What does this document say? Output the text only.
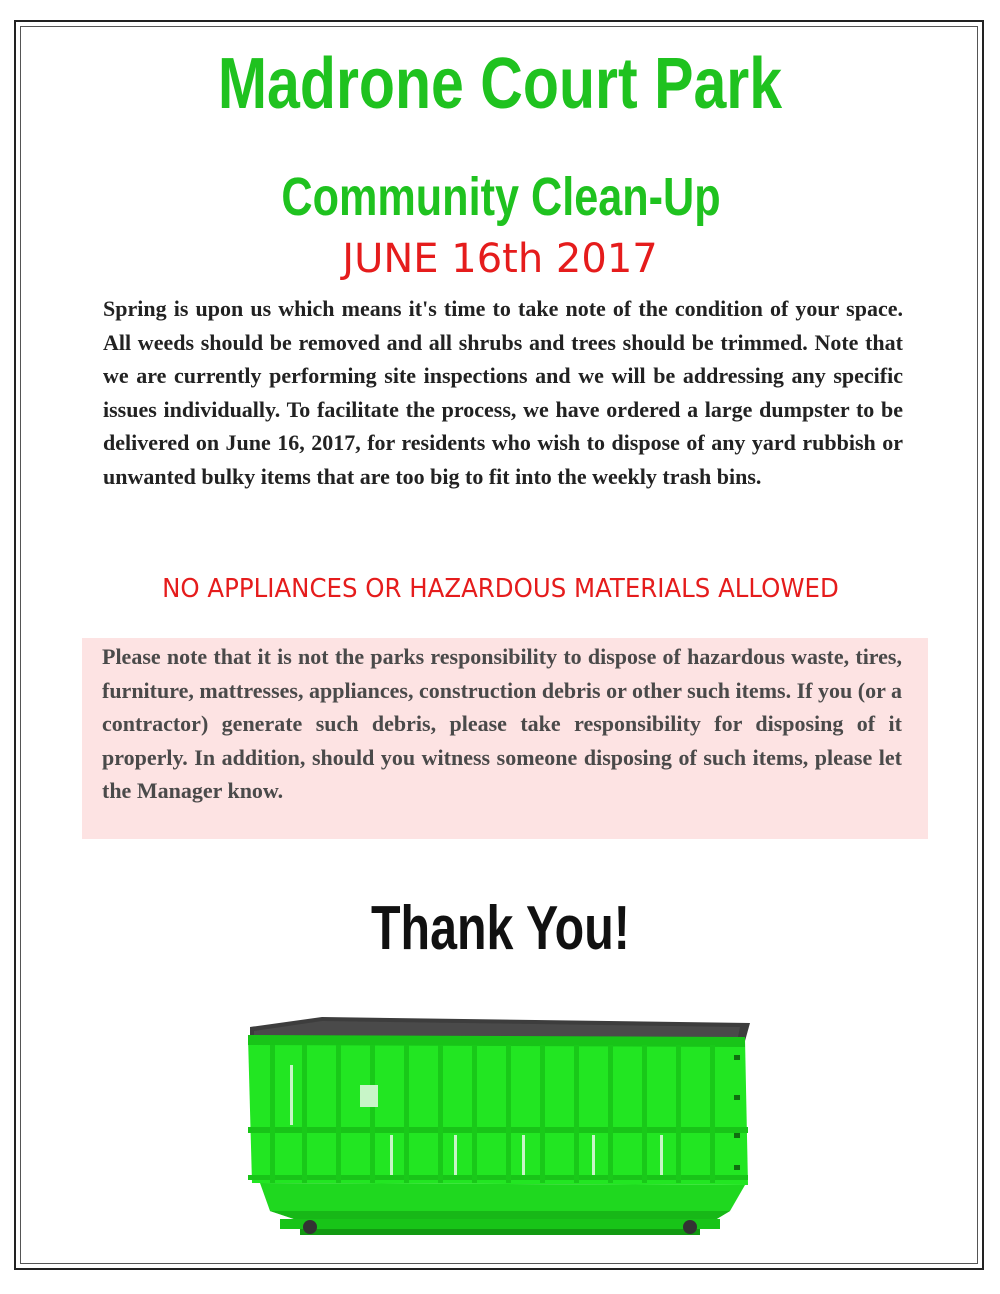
Madrone Court Park
Community Clean-Up
JUNE 16th 2017

Spring is upon us which means it's time to take note of the condition of your space. All weeds should be removed and all shrubs and trees should be trimmed. Note that we are currently performing site inspections and we will be addressing any specific issues individually. To facilitate the process, we have ordered a large dumpster to be delivered on June 16, 2017, for residents who wish to dispose of any yard rubbish or unwanted bulky items that are too big to fit into the weekly trash bins.

NO APPLIANCES OR HAZARDOUS MATERIALS ALLOWED

Please note that it is not the parks responsibility to dispose of hazardous waste, tires, furniture, mattresses, appliances, construction debris or other such items. If you (or a contractor) generate such debris, please take responsibility for disposing of it properly. In addition, should you witness someone disposing of such items, please let the Manager know.

Thank You!
